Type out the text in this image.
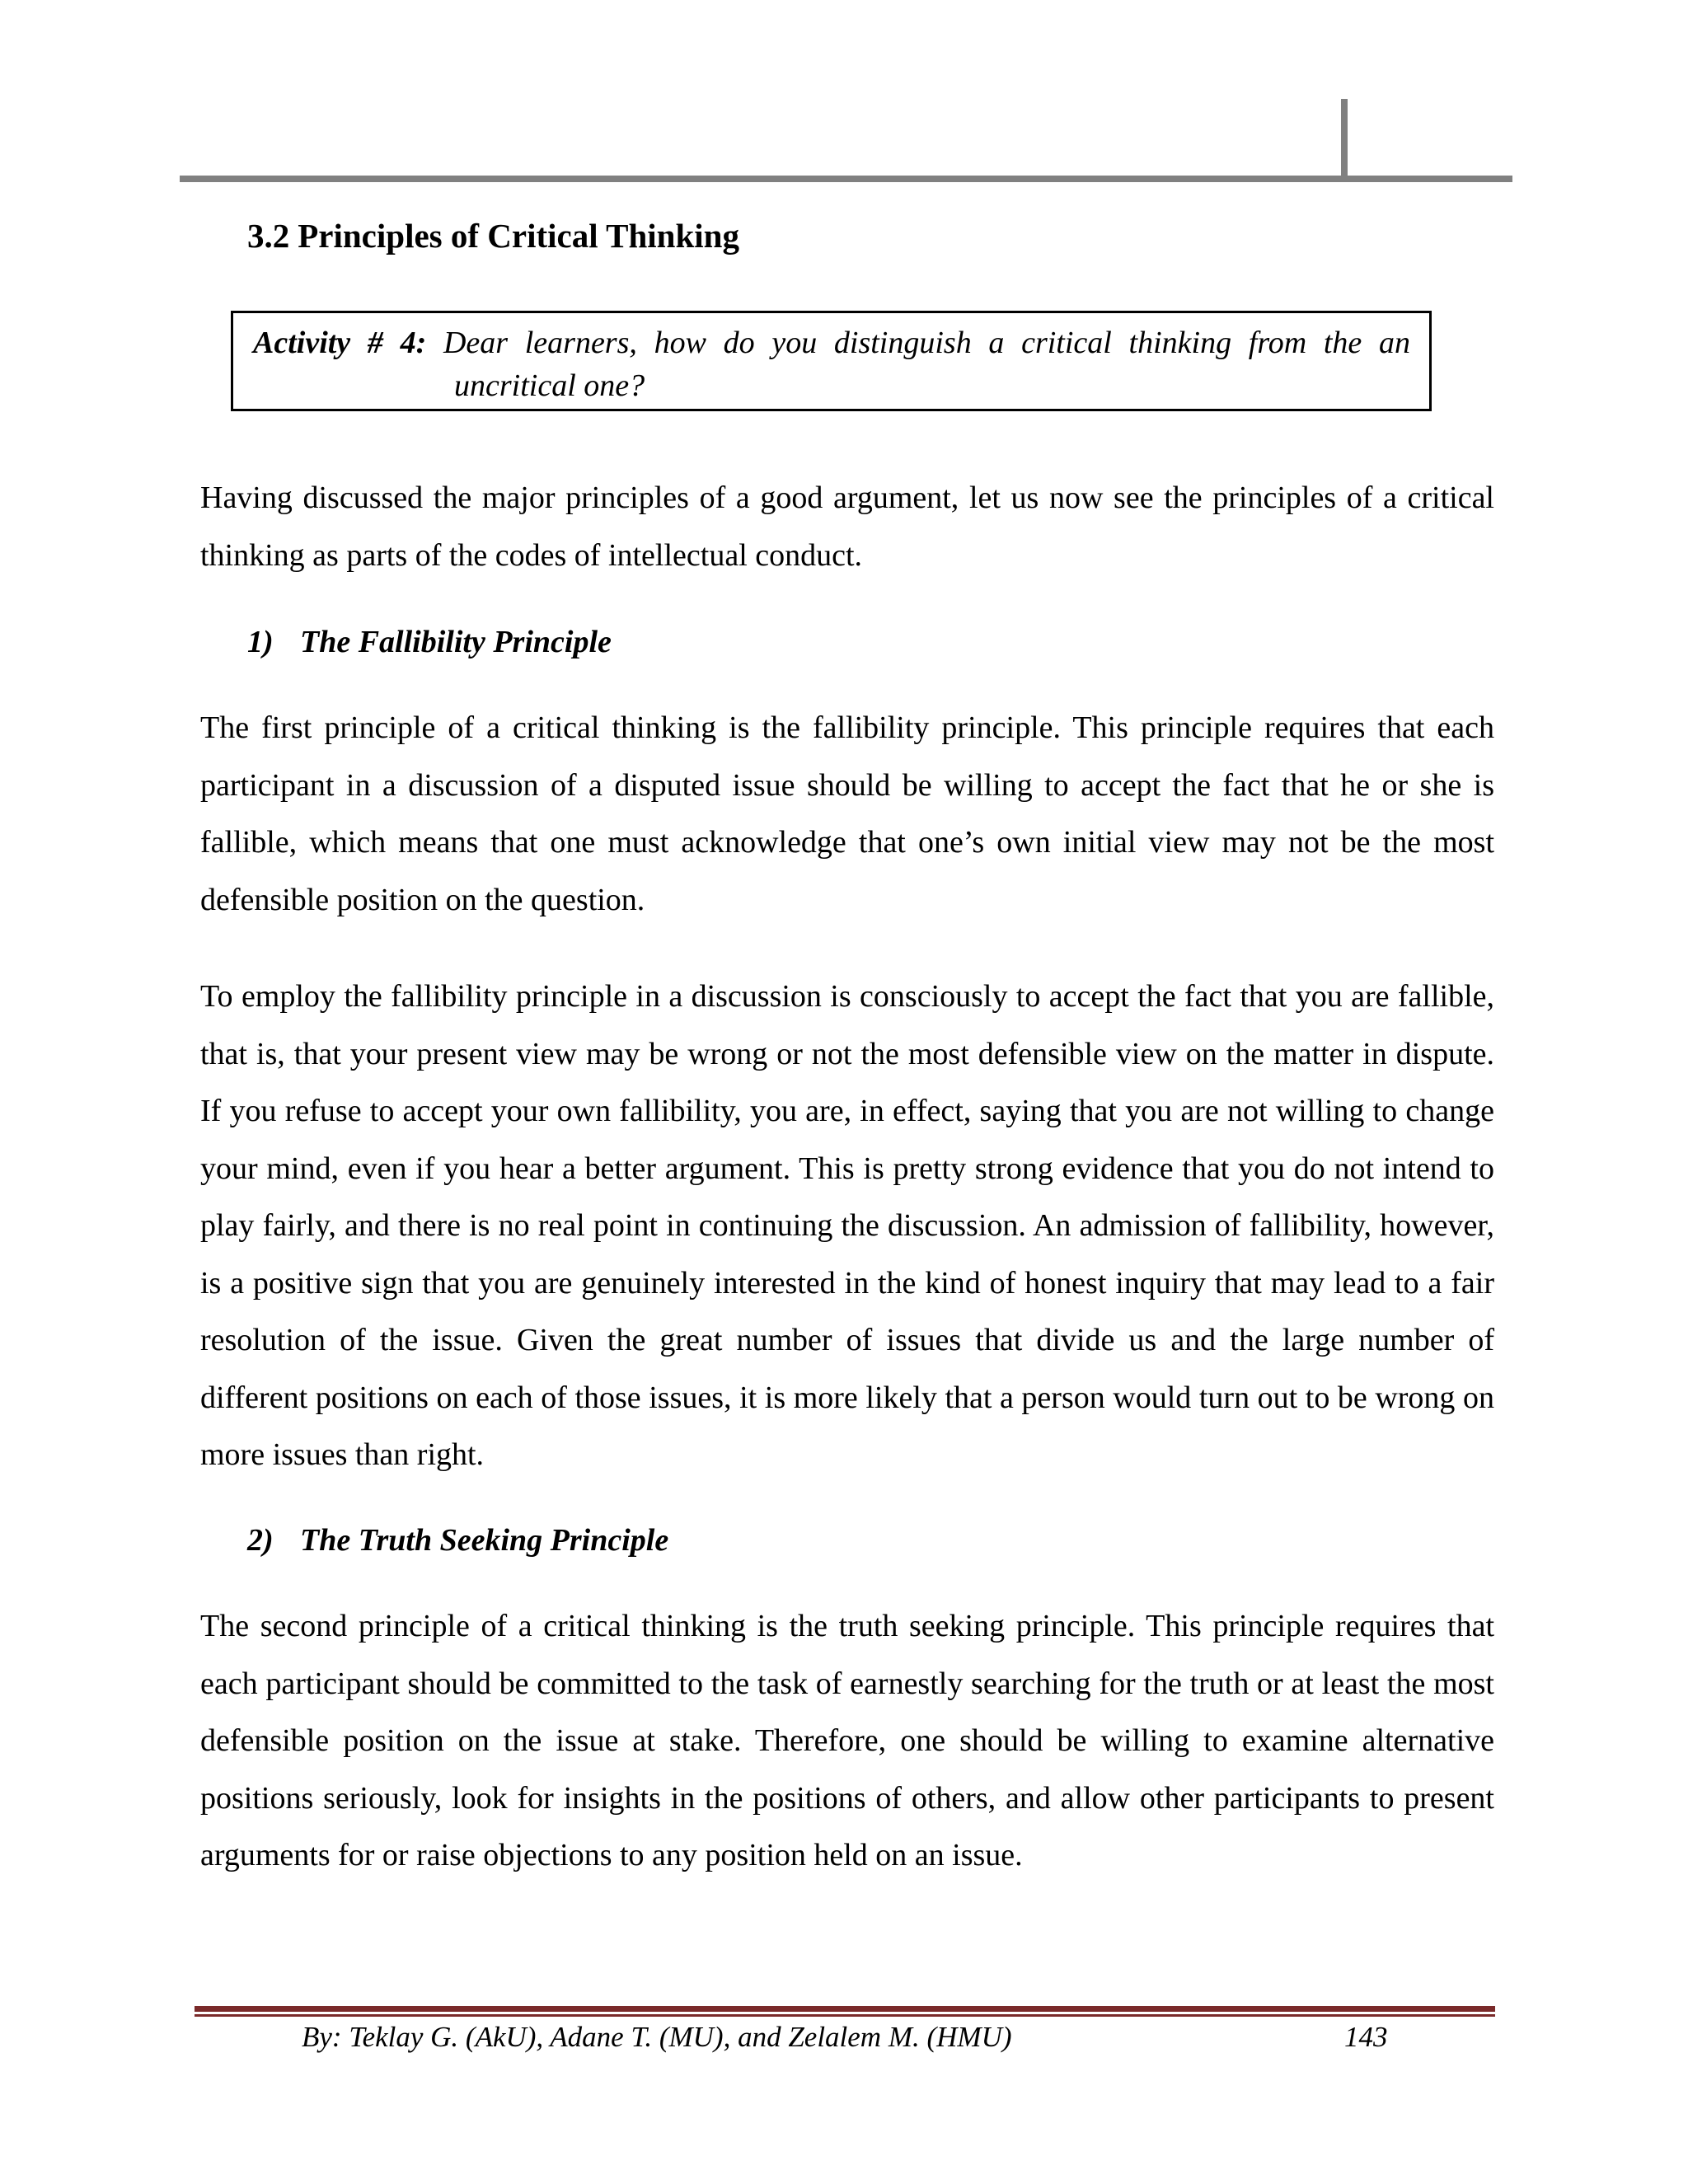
3.2 Principles of Critical Thinking
Activity # 4: Dear learners, how do you distinguish a critical thinking from the an
uncritical one?

Having discussed the major principles of a good argument, let us now see the principles of a critical thinking as parts of the codes of intellectual conduct.

1) The Fallibility Principle

The first principle of a critical thinking is the fallibility principle. This principle requires that each participant in a discussion of a disputed issue should be willing to accept the fact that he or she is fallible, which means that one must acknowledge that one’s own initial view may not be the most defensible position on the question.

To employ the fallibility principle in a discussion is consciously to accept the fact that you are fallible, that is, that your present view may be wrong or not the most defensible view on the matter in dispute. If you refuse to accept your own fallibility, you are, in effect, saying that you are not willing to change your mind, even if you hear a better argument. This is pretty strong evidence that you do not intend to play fairly, and there is no real point in continuing the discussion. An admission of fallibility, however, is a positive sign that you are genuinely interested in the kind of honest inquiry that may lead to a fair resolution of the issue. Given the great number of issues that divide us and the large number of different positions on each of those issues, it is more likely that a person would turn out to be wrong on more issues than right.

2) The Truth Seeking Principle

The second principle of a critical thinking is the truth seeking principle. This principle requires that each participant should be committed to the task of earnestly searching for the truth or at least the most defensible position on the issue at stake. Therefore, one should be willing to examine alternative positions seriously, look for insights in the positions of others, and allow other participants to present arguments for or raise objections to any position held on an issue.

By: Teklay G. (AkU), Adane T. (MU), and Zelalem M. (HMU)	143
